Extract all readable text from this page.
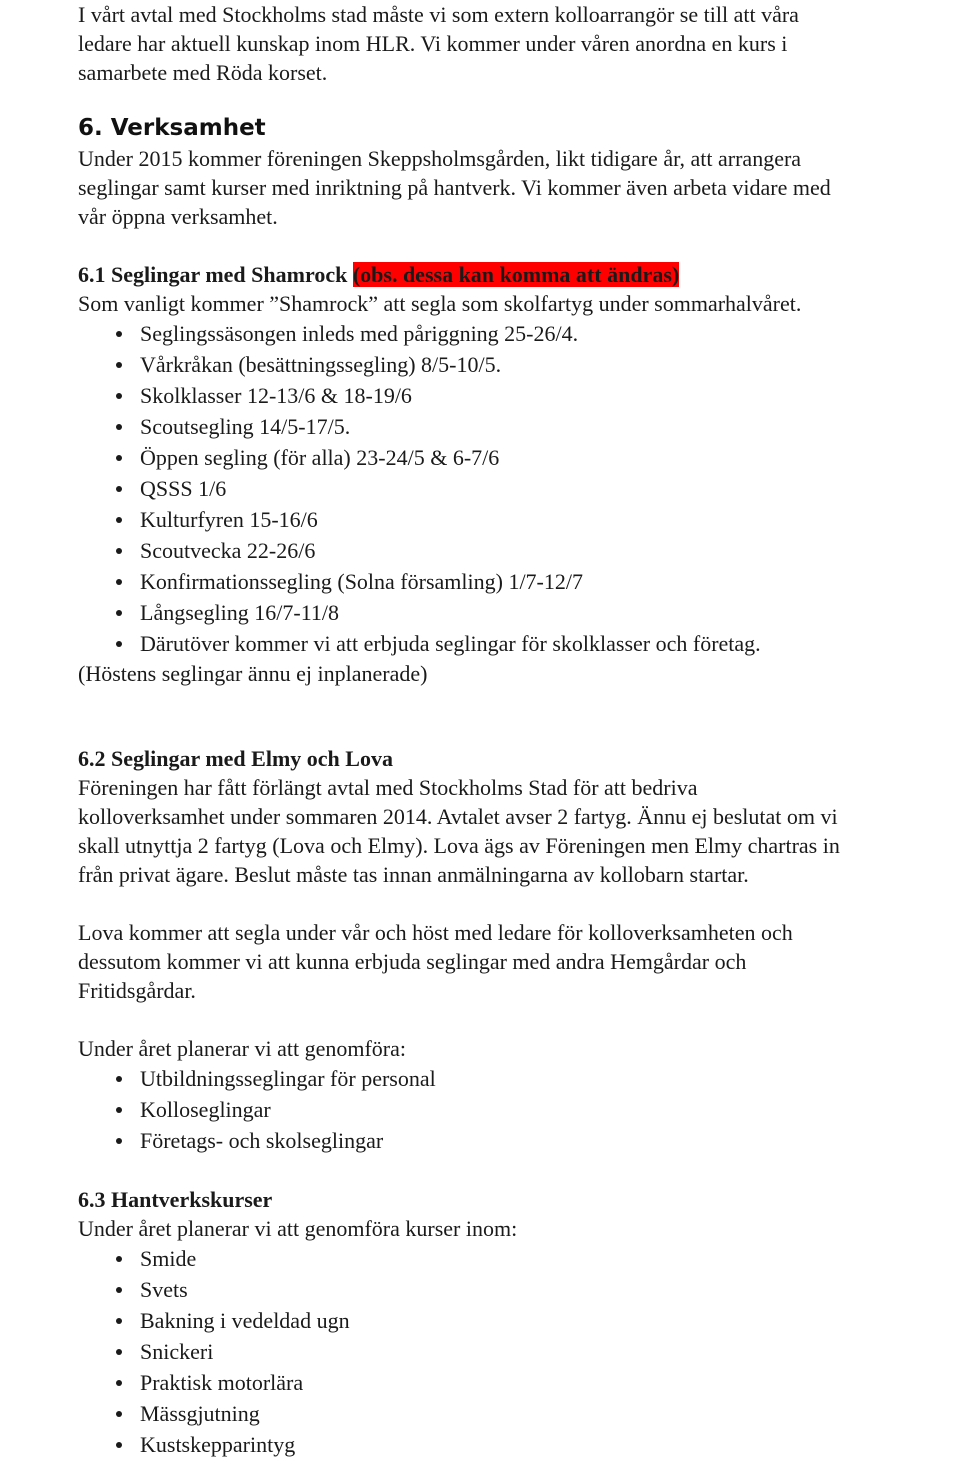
I vårt avtal med Stockholms stad måste vi som extern kolloarrangör se till att våra

ledare har aktuell kunskap inom HLR. Vi kommer under våren anordna en kurs i

samarbete med Röda korset.

6. Verksamhet

Under 2015 kommer föreningen Skeppsholmsgården, likt tidigare år, att arrangera

seglingar samt kurser med inriktning på hantverk. Vi kommer även arbeta vidare med

vår öppna verksamhet.

6.1 Seglingar med Shamrock (obs. dessa kan komma att ändras)

Som vanligt kommer ”Shamrock” att segla som skolfartyg under sommarhalvåret.

Seglingssäsongen inleds med påriggning 25-26/4.
Vårkråkan (besättningssegling) 8/5-10/5.
Skolklasser 12-13/6 & 18-19/6
Scoutsegling 14/5-17/5.
Öppen segling (för alla) 23-24/5 & 6-7/6
QSSS 1/6
Kulturfyren 15-16/6
Scoutvecka 22-26/6
Konfirmationssegling (Solna församling) 1/7-12/7
Långsegling 16/7-11/8
Därutöver kommer vi att erbjuda seglingar för skolklasser och företag.

(Höstens seglingar ännu ej inplanerade)

6.2 Seglingar med Elmy och Lova

Föreningen har fått förlängt avtal med Stockholms Stad för att bedriva

kolloverksamhet under sommaren 2014. Avtalet avser 2 fartyg. Ännu ej beslutat om vi

skall utnyttja 2 fartyg (Lova och Elmy). Lova ägs av Föreningen men Elmy chartras in

från privat ägare. Beslut måste tas innan anmälningarna av kollobarn startar.

Lova kommer att segla under vår och höst med ledare för kolloverksamheten och

dessutom kommer vi att kunna erbjuda seglingar med andra Hemgårdar och

Fritidsgårdar.

Under året planerar vi att genomföra:

Utbildningsseglingar för personal
Kolloseglingar
Företags- och skolseglingar

6.3 Hantverkskurser

Under året planerar vi att genomföra kurser inom:

Smide
Svets
Bakning i vedeldad ugn
Snickeri
Praktisk motorlära
Mässgjutning
Kustskepparintyg
